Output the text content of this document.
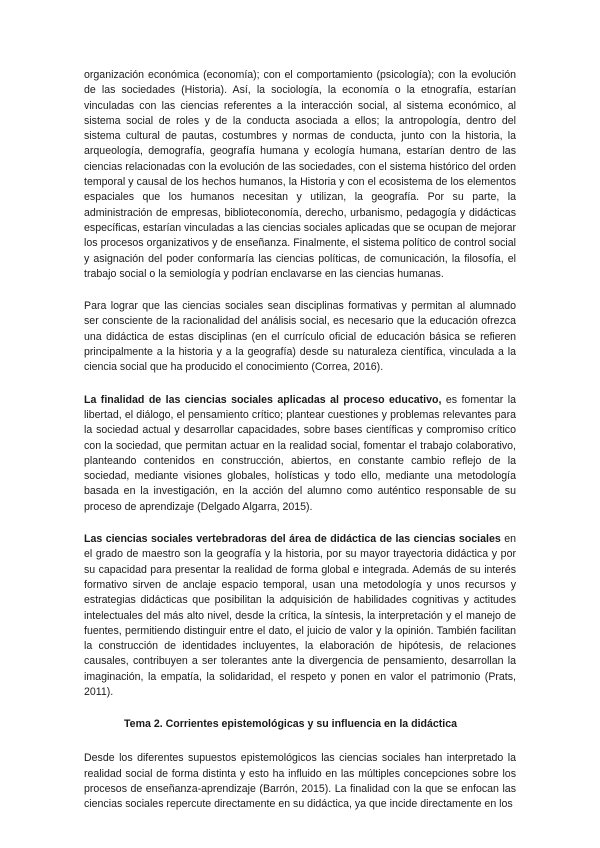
organización económica (economía); con el comportamiento (psicología); con la evolución de las sociedades (Historia). Así, la sociología, la economía o la etnografía, estarían vinculadas con las ciencias referentes a la interacción social, al sistema económico, al sistema social de roles y de la conducta asociada a ellos; la antropología, dentro del sistema cultural de pautas, costumbres y normas de conducta, junto con la historia, la arqueología, demografía, geografía humana y ecología humana, estarían dentro de las ciencias relacionadas con la evolución de las sociedades, con el sistema histórico del orden temporal y causal de los hechos humanos, la Historia y con el ecosistema de los elementos espaciales que los humanos necesitan y utilizan, la geografía. Por su parte, la administración de empresas, biblioteconomía, derecho, urbanismo, pedagogía y didácticas específicas, estarían vinculadas a las ciencias sociales aplicadas que se ocupan de mejorar los procesos organizativos y de enseñanza. Finalmente, el sistema político de control social y asignación del poder conformaría las ciencias políticas, de comunicación, la filosofía, el trabajo social o la semiología y podrían enclavarse en las ciencias humanas.

Para lograr que las ciencias sociales sean disciplinas formativas y permitan al alumnado ser consciente de la racionalidad del análisis social, es necesario que la educación ofrezca una didáctica de estas disciplinas (en el currículo oficial de educación básica se refieren principalmente a la historia y a la geografía) desde su naturaleza científica, vinculada a la ciencia social que ha producido el conocimiento (Correa, 2016).

La finalidad de las ciencias sociales aplicadas al proceso educativo, es fomentar la libertad, el diálogo, el pensamiento crítico; plantear cuestiones y problemas relevantes para la sociedad actual y desarrollar capacidades, sobre bases científicas y compromiso crítico con la sociedad, que permitan actuar en la realidad social, fomentar el trabajo colaborativo, planteando contenidos en construcción, abiertos, en constante cambio reflejo de la sociedad, mediante visiones globales, holísticas y todo ello, mediante una metodología basada en la investigación, en la acción del alumno como auténtico responsable de su proceso de aprendizaje (Delgado Algarra, 2015).

Las ciencias sociales vertebradoras del área de didáctica de las ciencias sociales en el grado de maestro son la geografía y la historia, por su mayor trayectoria didáctica y por su capacidad para presentar la realidad de forma global e integrada. Además de su interés formativo sirven de anclaje espacio temporal, usan una metodología y unos recursos y estrategias didácticas que posibilitan la adquisición de habilidades cognitivas y actitudes intelectuales del más alto nivel, desde la crítica, la síntesis, la interpretación y el manejo de fuentes, permitiendo distinguir entre el dato, el juicio de valor y la opinión. También facilitan la construcción de identidades incluyentes, la elaboración de hipótesis, de relaciones causales, contribuyen a ser tolerantes ante la divergencia de pensamiento, desarrollan la imaginación, la empatía, la solidaridad, el respeto y ponen en valor el patrimonio (Prats, 2011).

Tema 2. Corrientes epistemológicas y su influencia en la didáctica

Desde los diferentes supuestos epistemológicos las ciencias sociales han interpretado la realidad social de forma distinta y esto ha influido en las múltiples concepciones sobre los procesos de enseñanza-aprendizaje (Barrón, 2015). La finalidad con la que se enfocan las ciencias sociales repercute directamente en su didáctica, ya que incide directamente en los
